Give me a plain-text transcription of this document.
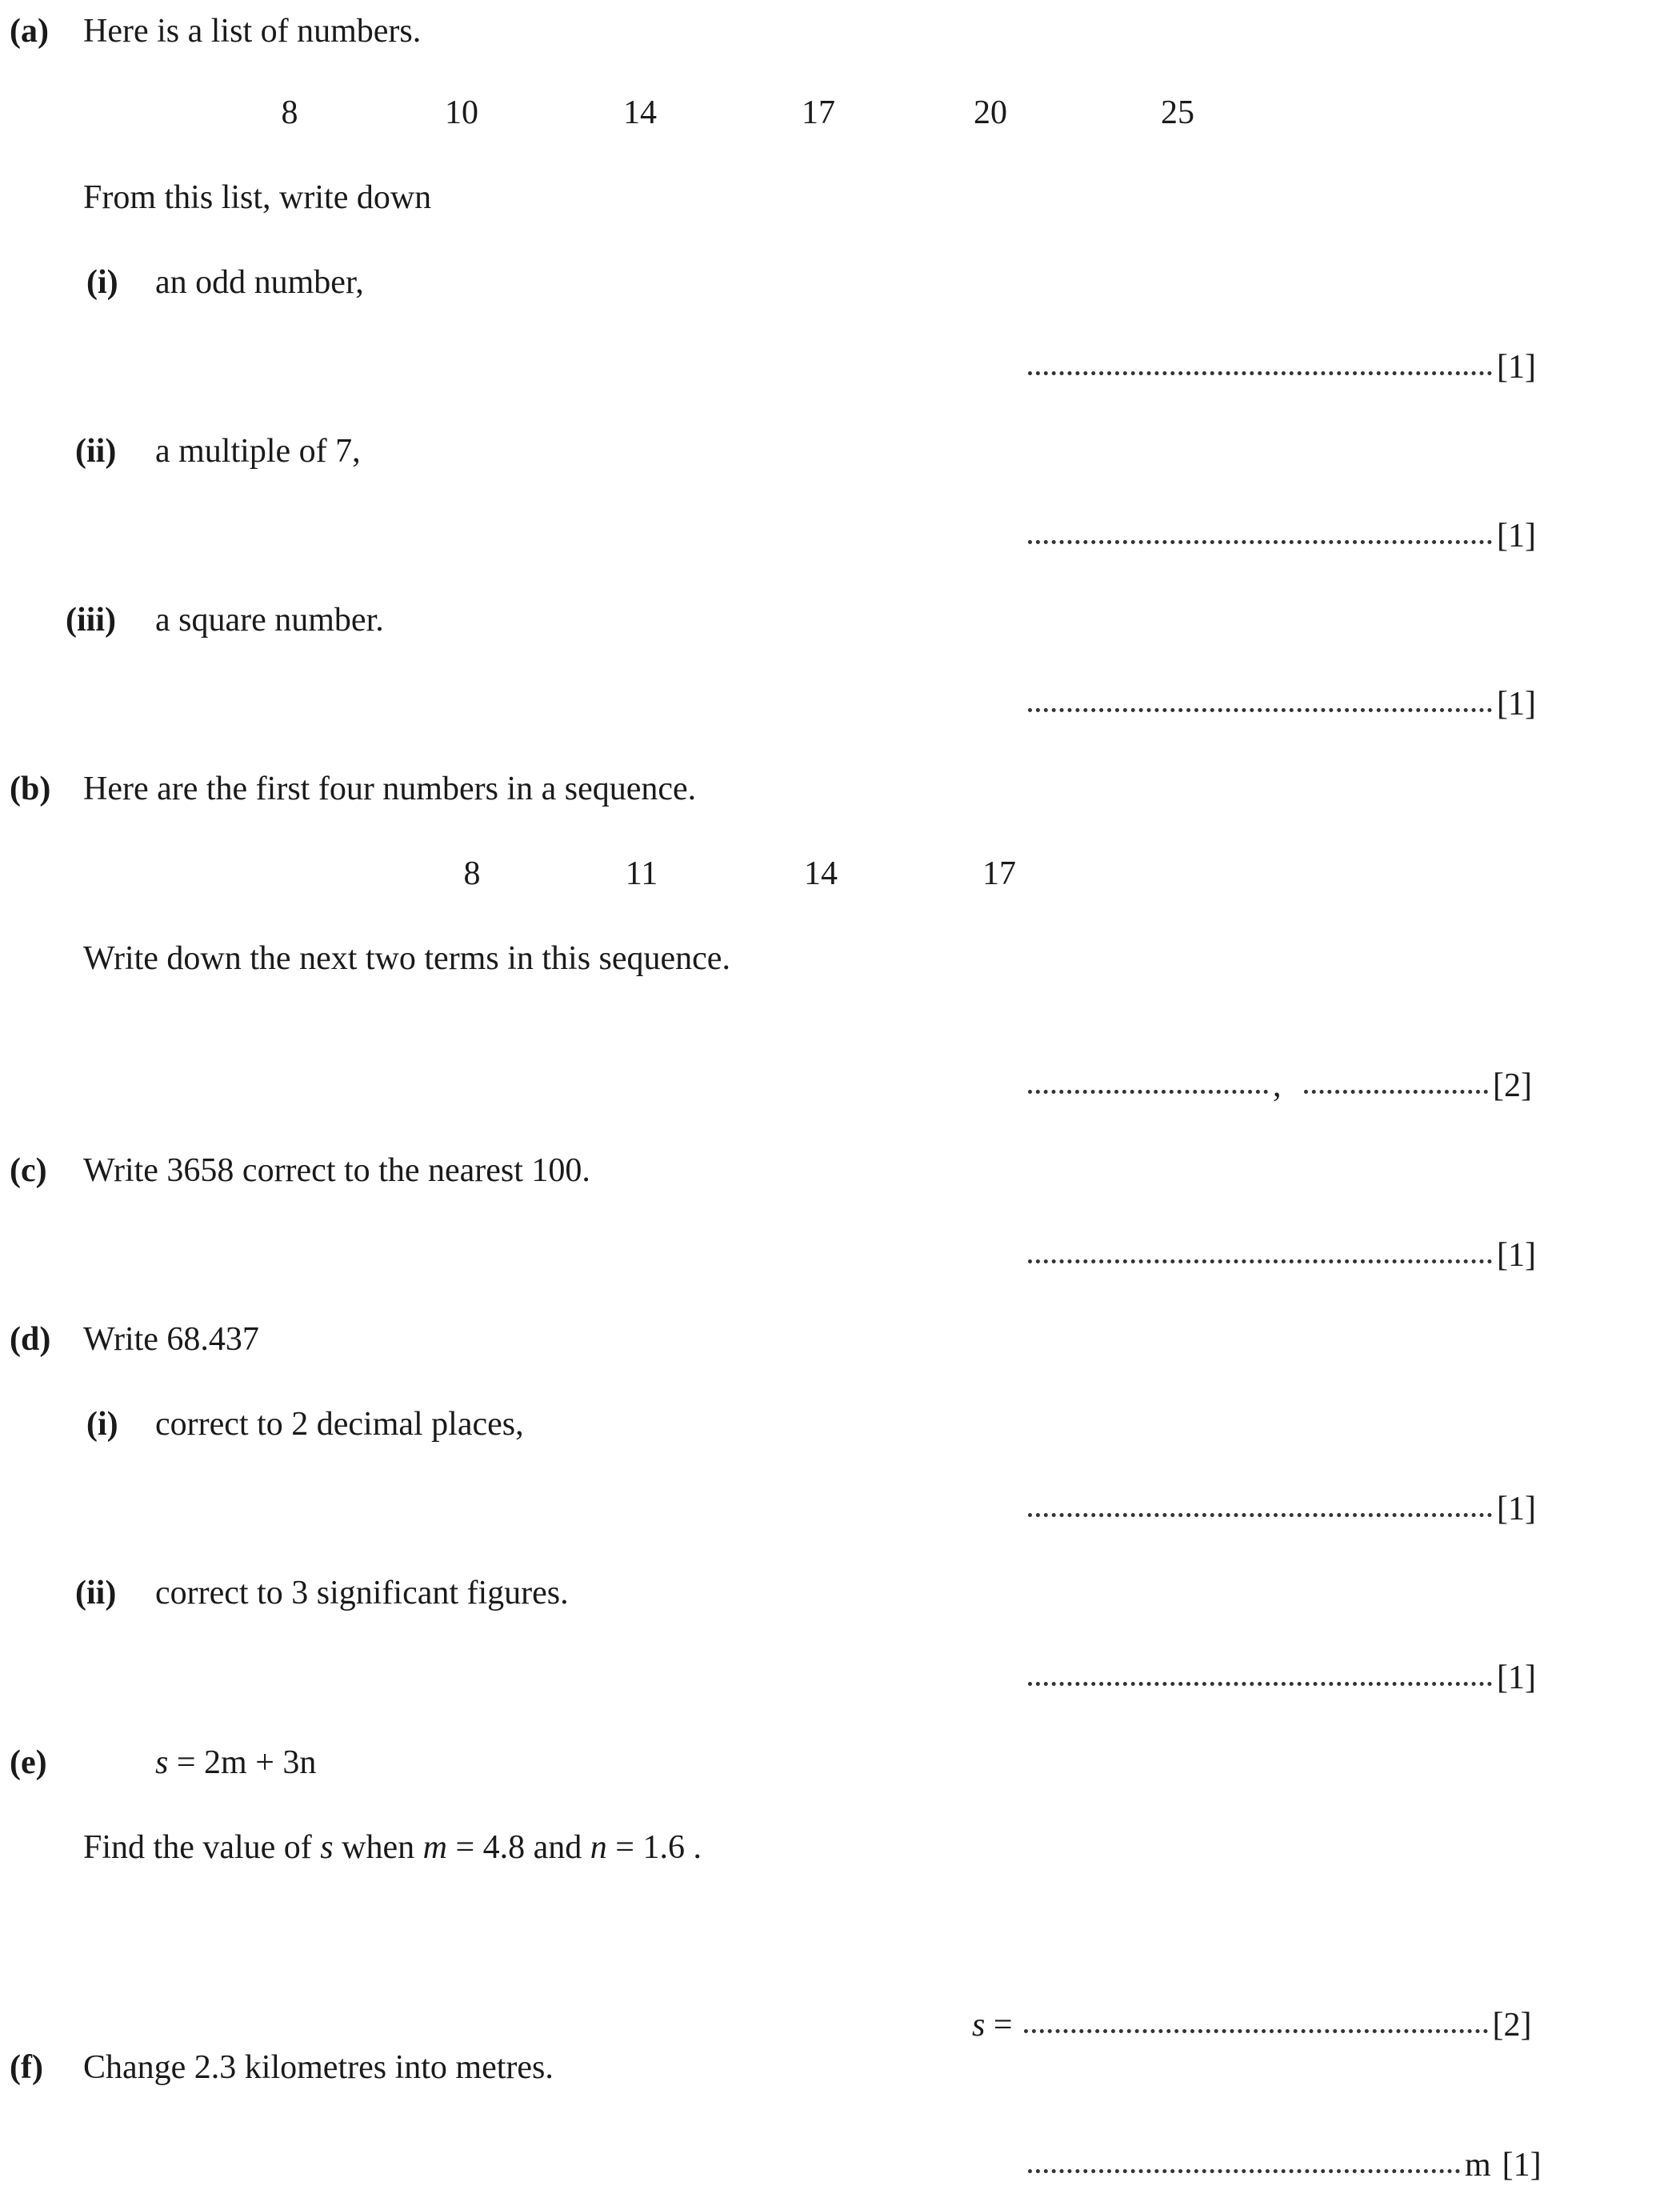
(a) Here is a list of numbers.
8	10	14	17	20	25
From this list, write down
(i) an odd number,
[1]
(ii) a multiple of 7,
[1]
(iii) a square number.
[1]
(b) Here are the first four numbers in a sequence.
8	11	14	17
Write down the next two terms in this sequence.
,	[2]
(c) Write 3658 correct to the nearest 100.
[1]
(d) Write 68.437
(i) correct to 2 decimal places,
[1]
(ii) correct to 3 significant figures.
[1]
(e)	s = 2m + 3n
Find the value of s when m = 4.8 and n = 1.6 .
s =	[2]
(f) Change 2.3 kilometres into metres.
m [1]
